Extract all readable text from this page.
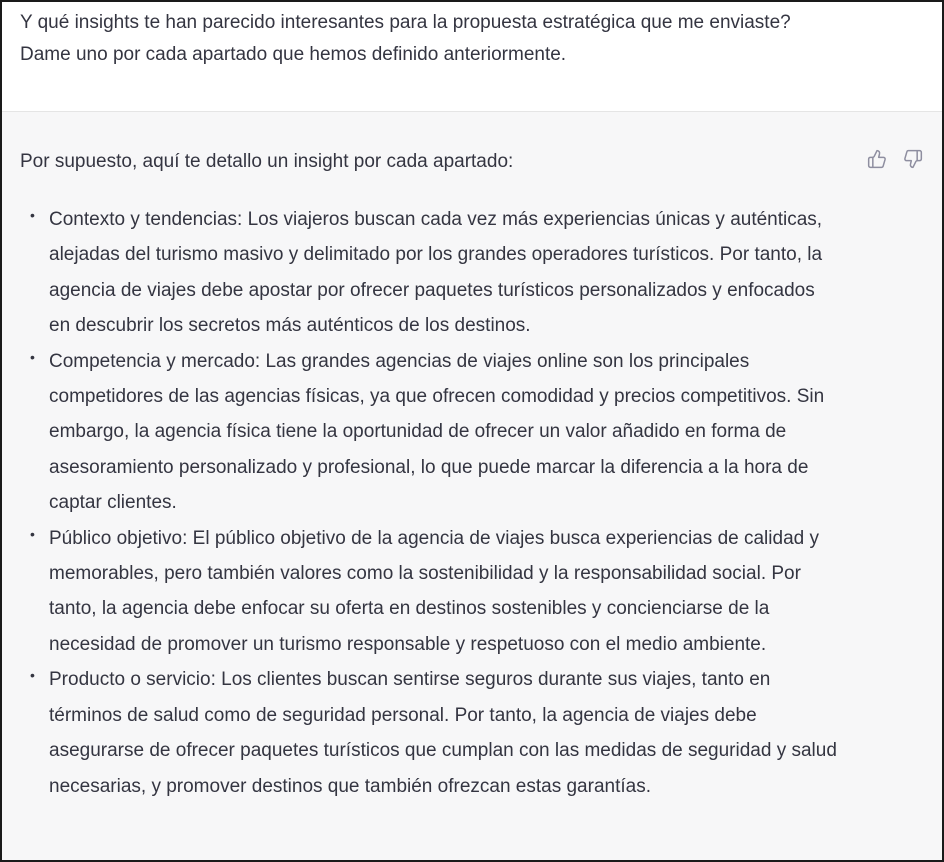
Y qué insights te han parecido interesantes para la propuesta estratégica que me enviaste? Dame uno por cada apartado que hemos definido anteriormente.

Por supuesto, aquí te detallo un insight por cada apartado:

• Contexto y tendencias: Los viajeros buscan cada vez más experiencias únicas y auténticas, alejadas del turismo masivo y delimitado por los grandes operadores turísticos. Por tanto, la agencia de viajes debe apostar por ofrecer paquetes turísticos personalizados y enfocados en descubrir los secretos más auténticos de los destinos.
• Competencia y mercado: Las grandes agencias de viajes online son los principales competidores de las agencias físicas, ya que ofrecen comodidad y precios competitivos. Sin embargo, la agencia física tiene la oportunidad de ofrecer un valor añadido en forma de asesoramiento personalizado y profesional, lo que puede marcar la diferencia a la hora de captar clientes.
• Público objetivo: El público objetivo de la agencia de viajes busca experiencias de calidad y memorables, pero también valores como la sostenibilidad y la responsabilidad social. Por tanto, la agencia debe enfocar su oferta en destinos sostenibles y concienciarse de la necesidad de promover un turismo responsable y respetuoso con el medio ambiente.
• Producto o servicio: Los clientes buscan sentirse seguros durante sus viajes, tanto en términos de salud como de seguridad personal. Por tanto, la agencia de viajes debe asegurarse de ofrecer paquetes turísticos que cumplan con las medidas de seguridad y salud necesarias, y promover destinos que también ofrezcan estas garantías.
